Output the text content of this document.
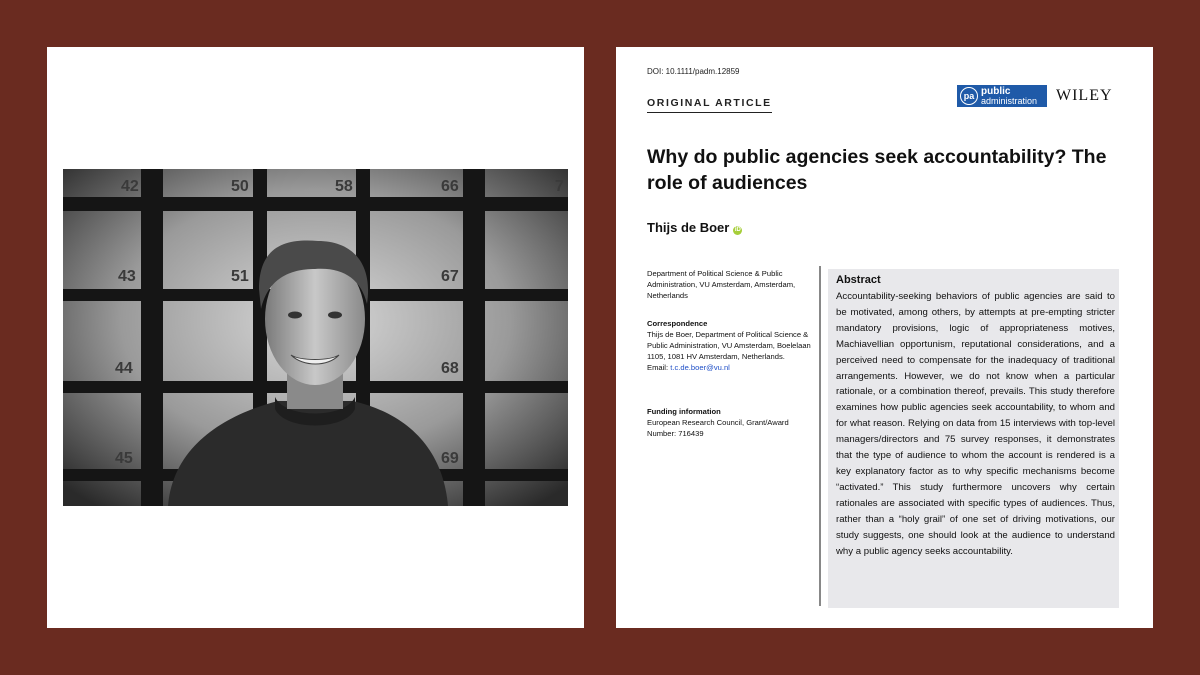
42	50	58	66	7
43	51	67
44	68
45	69
DOI: 10.1111/padm.12859
ORIGINAL ARTICLE
pa public
administration WILEY
Why do public agencies seek accountability? The role of audiences
Thijs de Boer iD
Department of Political Science & Public Administration, VU Amsterdam, Amsterdam, Netherlands
Correspondence
Thijs de Boer, Department of Political Science & Public Administration, VU Amsterdam, Boelelaan 1105, 1081 HV Amsterdam, Netherlands.
Email: t.c.de.boer@vu.nl
Funding information
European Research Council, Grant/Award Number: 716439
Abstract
Accountability-seeking behaviors of public agencies are said to be motivated, among others, by attempts at pre-empting stricter mandatory provisions, logic of appropriateness motives, Machiavellian opportunism, reputational considerations, and a perceived need to compensate for the inadequacy of traditional arrangements. However, we do not know when a particular rationale, or a combination thereof, prevails. This study therefore examines how public agencies seek accountability, to whom and for what reason. Relying on data from 15 interviews with top-level managers/directors and 75 survey responses, it demonstrates that the type of audience to whom the account is rendered is a key explanatory factor as to why specific mechanisms become “activated.” This study furthermore uncovers why certain rationales are associated with specific types of audiences. Thus, rather than a “holy grail” of one set of driving motivations, our study suggests, one should look at the audience to understand why a public agency seeks accountability.
